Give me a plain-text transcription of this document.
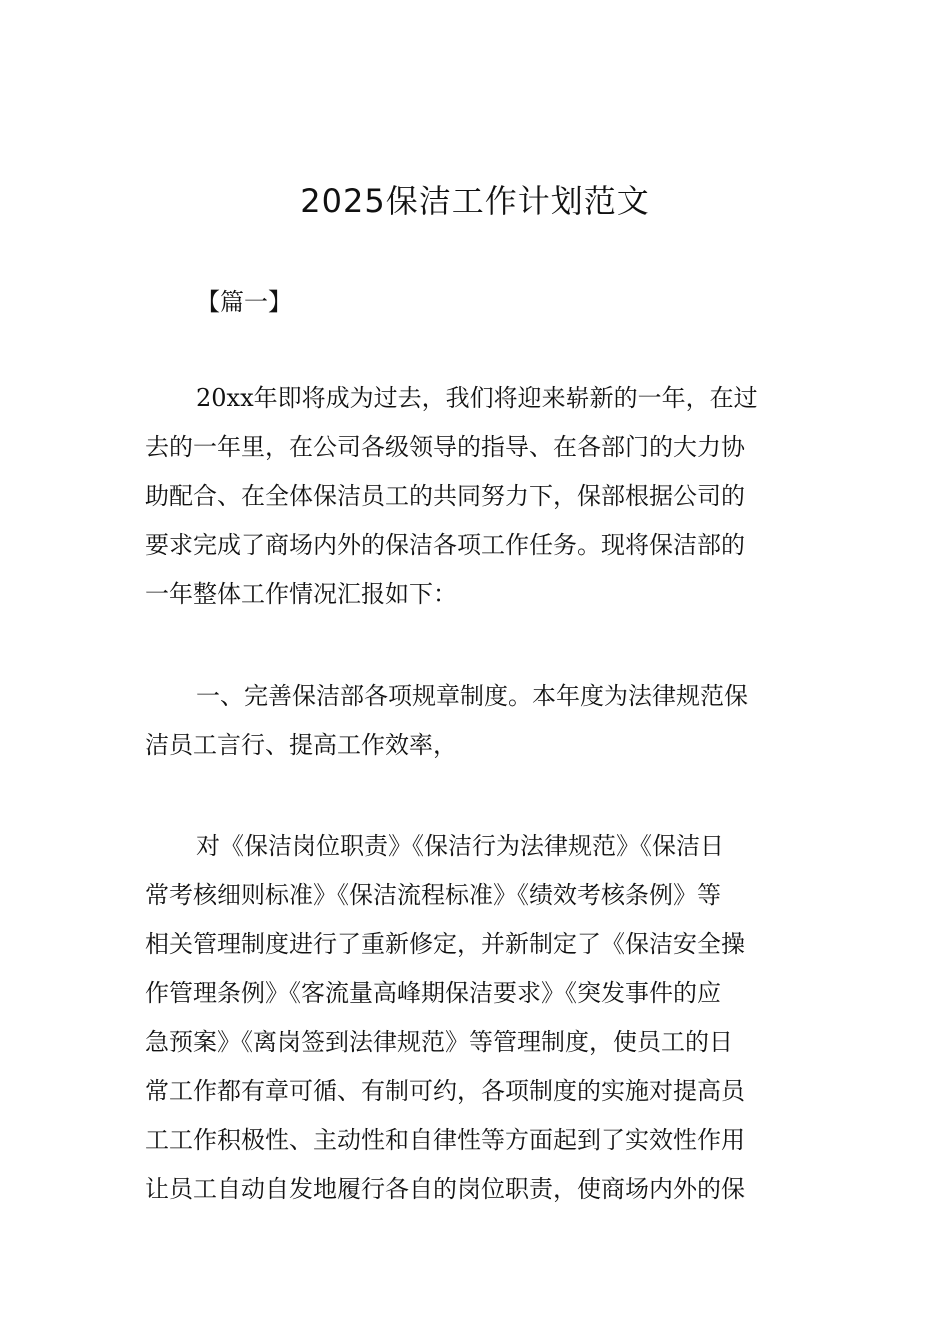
2025保洁工作计划范文
【篇一】
20xx年即将成为过去，我们将迎来崭新的一年，在过
去的一年里，在公司各级领导的指导、在各部门的大力协
助配合、在全体保洁员工的共同努力下，保部根据公司的
要求完成了商场内外的保洁各项工作任务。现将保洁部的
一年整体工作情况汇报如下：
一、完善保洁部各项规章制度。本年度为法律规范保
洁员工言行、提高工作效率，
对《保洁岗位职责》《保洁行为法律规范》《保洁日
常考核细则标准》《保洁流程标准》《绩效考核条例》等
相关管理制度进行了重新修定，并新制定了《保洁安全操
作管理条例》《客流量高峰期保洁要求》《突发事件的应
急预案》《离岗签到法律规范》等管理制度，使员工的日
常工作都有章可循、有制可约，各项制度的实施对提高员
工工作积极性、主动性和自律性等方面起到了实效性作用
让员工自动自发地履行各自的岗位职责，使商场内外的保
